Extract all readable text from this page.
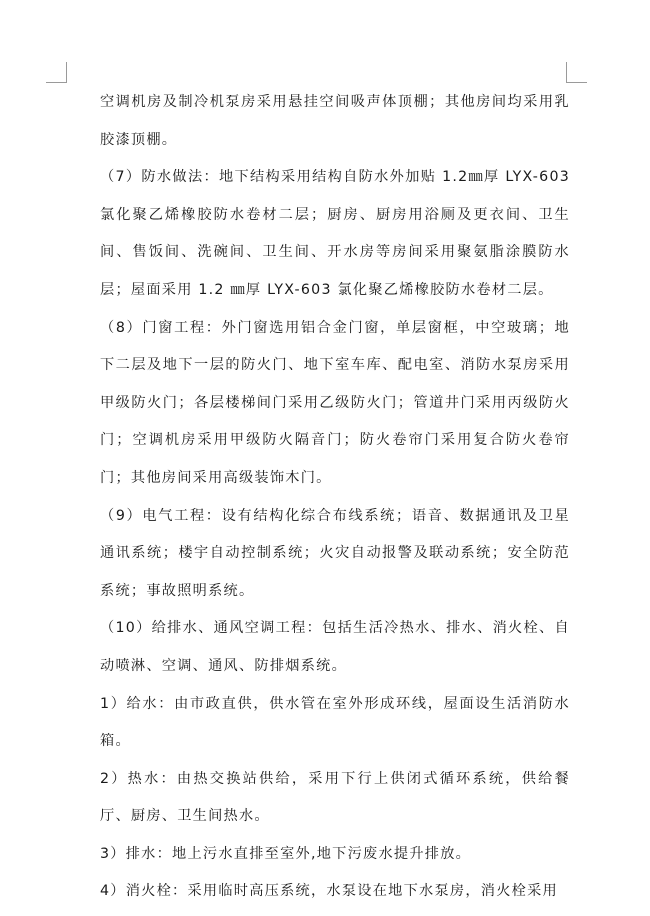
空调机房及制冷机泵房采用悬挂空间吸声体顶棚；其他房间均采用乳胶漆顶棚。

（7）防水做法：地下结构采用结构自防水外加贴 1.2㎜厚 LYX-603 氯化聚乙烯橡胶防水卷材二层；厨房、厨房用浴厕及更衣间、卫生间、售饭间、洗碗间、卫生间、开水房等房间采用聚氨脂涂膜防水层；屋面采用 1.2 ㎜厚 LYX-603 氯化聚乙烯橡胶防水卷材二层。

（8）门窗工程：外门窗选用铝合金门窗，单层窗框，中空玻璃；地下二层及地下一层的防火门、地下室车库、配电室、消防水泵房采用甲级防火门；各层楼梯间门采用乙级防火门；管道井门采用丙级防火门；空调机房采用甲级防火隔音门；防火卷帘门采用复合防火卷帘门；其他房间采用高级装饰木门。

（9）电气工程：设有结构化综合布线系统；语音、数据通讯及卫星通讯系统；楼宇自动控制系统；火灾自动报警及联动系统；安全防范系统；事故照明系统。

（10）给排水、通风空调工程：包括生活冷热水、排水、消火栓、自动喷淋、空调、通风、防排烟系统。

1）给水：由市政直供，供水管在室外形成环线，屋面设生活消防水箱。

2）热水：由热交换站供给，采用下行上供闭式循环系统，供给餐厅、厨房、卫生间热水。

3）排水：地上污水直排至室外,地下污废水提升排放。

4）消火栓：采用临时高压系统，水泵设在地下水泵房，消火栓采用
